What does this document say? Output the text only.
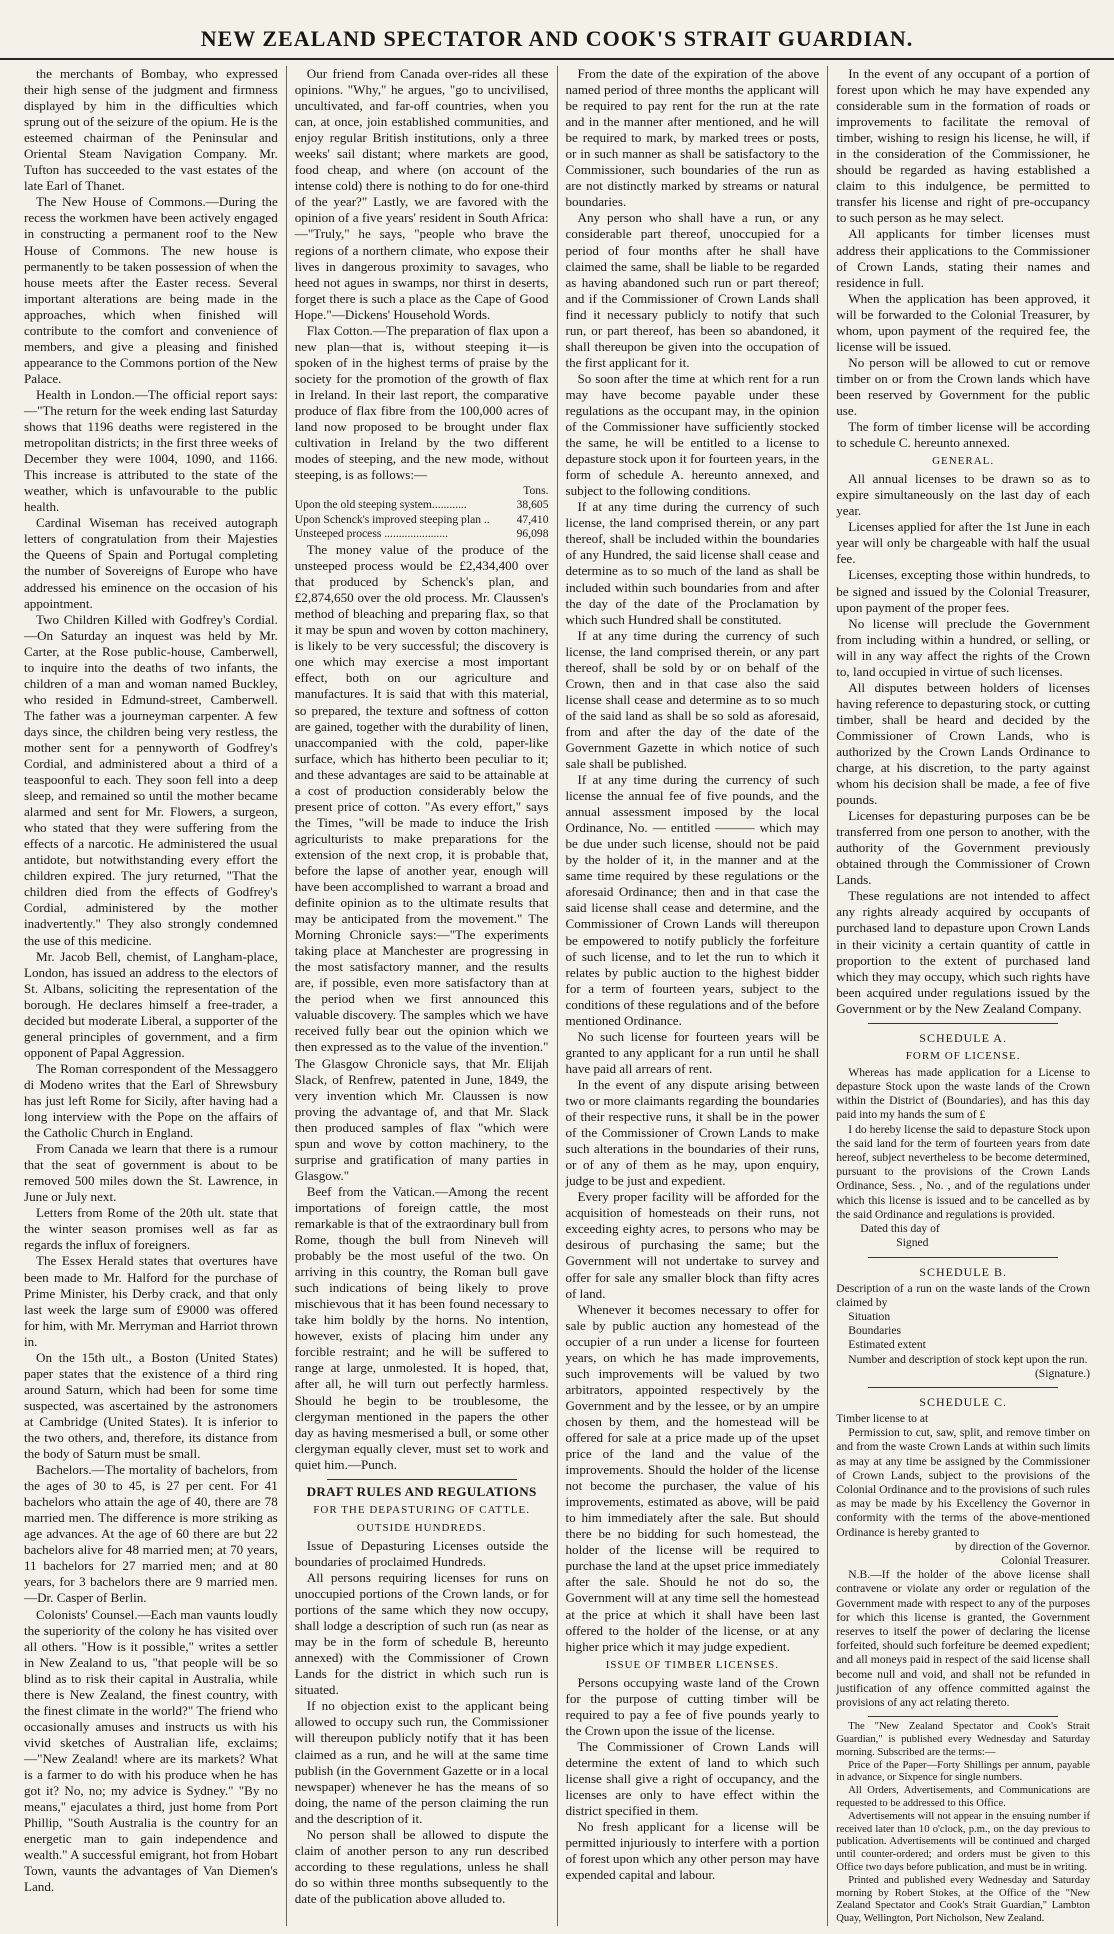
NEW ZEALAND SPECTATOR AND COOK'S STRAIT GUARDIAN.

the merchants of Bombay, who expressed their high sense of the judgment and firmness displayed by him in the difficulties which sprung out of the seizure of the opium. He is the esteemed chairman of the Peninsular and Oriental Steam Navigation Company. Mr. Tufton has succeeded to the vast estates of the late Earl of Thanet.

The New House of Commons.—During the recess the workmen have been actively engaged in constructing a permanent roof to the New House of Commons. The new house is permanently to be taken possession of when the house meets after the Easter recess. Several important alterations are being made in the approaches, which when finished will contribute to the comfort and convenience of members, and give a pleasing and finished appearance to the Commons portion of the New Palace.

Health in London.—The official report says:—"The return for the week ending last Saturday shows that 1196 deaths were registered in the metropolitan districts; in the first three weeks of December they were 1004, 1090, and 1166. This increase is attributed to the state of the weather, which is unfavourable to the public health.

Cardinal Wiseman has received autograph letters of congratulation from their Majesties the Queens of Spain and Portugal completing the number of Sovereigns of Europe who have addressed his eminence on the occasion of his appointment.

Two Children Killed with Godfrey's Cordial.—On Saturday an inquest was held by Mr. Carter, at the Rose public-house, Camberwell, to inquire into the deaths of two infants, the children of a man and woman named Buckley, who resided in Edmund-street, Camberwell. The father was a journeyman carpenter. A few days since, the children being very restless, the mother sent for a pennyworth of Godfrey's Cordial, and administered about a third of a teaspoonful to each. They soon fell into a deep sleep, and remained so until the mother became alarmed and sent for Mr. Flowers, a surgeon, who stated that they were suffering from the effects of a narcotic. He administered the usual antidote, but notwithstanding every effort the children expired. The jury returned, "That the children died from the effects of Godfrey's Cordial, administered by the mother inadvertently." They also strongly condemned the use of this medicine.

Mr. Jacob Bell, chemist, of Langham-place, London, has issued an address to the electors of St. Albans, soliciting the representation of the borough. He declares himself a free-trader, a decided but moderate Liberal, a supporter of the general principles of government, and a firm opponent of Papal Aggression.

The Roman correspondent of the Messaggero di Modeno writes that the Earl of Shrewsbury has just left Rome for Sicily, after having had a long interview with the Pope on the affairs of the Catholic Church in England.

From Canada we learn that there is a rumour that the seat of government is about to be removed 500 miles down the St. Lawrence, in June or July next.

Letters from Rome of the 20th ult. state that the winter season promises well as far as regards the influx of foreigners.

The Essex Herald states that overtures have been made to Mr. Halford for the purchase of Prime Minister, his Derby crack, and that only last week the large sum of £9000 was offered for him, with Mr. Merryman and Harriot thrown in.

On the 15th ult., a Boston (United States) paper states that the existence of a third ring around Saturn, which had been for some time suspected, was ascertained by the astronomers at Cambridge (United States). It is inferior to the two others, and, therefore, its distance from the body of Saturn must be small.

Bachelors.—The mortality of bachelors, from the ages of 30 to 45, is 27 per cent. For 41 bachelors who attain the age of 40, there are 78 married men. The difference is more striking as age advances. At the age of 60 there are but 22 bachelors alive for 48 married men; at 70 years, 11 bachelors for 27 married men; and at 80 years, for 3 bachelors there are 9 married men.—Dr. Casper of Berlin.

Colonists' Counsel.—Each man vaunts loudly the superiority of the colony he has visited over all others. "How is it possible," writes a settler in New Zealand to us, "that people will be so blind as to risk their capital in Australia, while there is New Zealand, the finest country, with the finest climate in the world?" The friend who occasionally amuses and instructs us with his vivid sketches of Australian life, exclaims;—"New Zealand! where are its markets? What is a farmer to do with his produce when he has got it? No, no; my advice is Sydney." "By no means," ejaculates a third, just home from Port Phillip, "South Australia is the country for an energetic man to gain independence and wealth." A successful emigrant, hot from Hobart Town, vaunts the advantages of Van Diemen's Land.

Our friend from Canada over-rides all these opinions. "Why," he argues, "go to uncivilised, uncultivated, and far-off countries, when you can, at once, join established communities, and enjoy regular British institutions, only a three weeks' sail distant; where markets are good, food cheap, and where (on account of the intense cold) there is nothing to do for one-third of the year?" Lastly, we are favored with the opinion of a five years' resident in South Africa:—"Truly," he says, "people who brave the regions of a northern climate, who expose their lives in dangerous proximity to savages, who heed not agues in swamps, nor thirst in deserts, forget there is such a place as the Cape of Good Hope."—Dickens' Household Words.

Flax Cotton.—The preparation of flax upon a new plan—that is, without steeping it—is spoken of in the highest terms of praise by the society for the promotion of the growth of flax in Ireland. In their last report, the comparative produce of flax fibre from the 100,000 acres of land now proposed to be brought under flax cultivation in Ireland by the two different modes of steeping, and the new mode, without steeping, is as follows:—

Tons.
Upon the old steeping system............	38,605
Upon Schenck's improved steeping plan .. 47,410
Unsteeped process ......................	96,098

The money value of the produce of the unsteeped process would be £2,434,400 over that produced by Schenck's plan, and £2,874,650 over the old process. Mr. Claussen's method of bleaching and preparing flax, so that it may be spun and woven by cotton machinery, is likely to be very successful; the discovery is one which may exercise a most important effect, both on our agriculture and manufactures. It is said that with this material, so prepared, the texture and softness of cotton are gained, together with the durability of linen, unaccompanied with the cold, paper-like surface, which has hitherto been peculiar to it; and these advantages are said to be attainable at a cost of production considerably below the present price of cotton. "As every effort," says the Times, "will be made to induce the Irish agriculturists to make preparations for the extension of the next crop, it is probable that, before the lapse of another year, enough will have been accomplished to warrant a broad and definite opinion as to the ultimate results that may be anticipated from the movement." The Morning Chronicle says:—"The experiments taking place at Manchester are progressing in the most satisfactory manner, and the results are, if possible, even more satisfactory than at the period when we first announced this valuable discovery. The samples which we have received fully bear out the opinion which we then expressed as to the value of the invention." The Glasgow Chronicle says, that Mr. Elijah Slack, of Renfrew, patented in June, 1849, the very invention which Mr. Claussen is now proving the advantage of, and that Mr. Slack then produced samples of flax "which were spun and wove by cotton machinery, to the surprise and gratification of many parties in Glasgow."

Beef from the Vatican.—Among the recent importations of foreign cattle, the most remarkable is that of the extraordinary bull from Rome, though the bull from Nineveh will probably be the most useful of the two. On arriving in this country, the Roman bull gave such indications of being likely to prove mischievous that it has been found necessary to take him boldly by the horns. No intention, however, exists of placing him under any forcible restraint; and he will be suffered to range at large, unmolested. It is hoped, that, after all, he will turn out perfectly harmless. Should he begin to be troublesome, the clergyman mentioned in the papers the other day as having mesmerised a bull, or some other clergyman equally clever, must set to work and quiet him.—Punch.

DRAFT RULES AND REGULATIONS

FOR THE DEPASTURING OF CATTLE.

OUTSIDE HUNDREDS.

Issue of Depasturing Licenses outside the boundaries of proclaimed Hundreds.

All persons requiring licenses for runs on unoccupied portions of the Crown lands, or for portions of the same which they now occupy, shall lodge a description of such run (as near as may be in the form of schedule B, hereunto annexed) with the Commissioner of Crown Lands for the district in which such run is situated.

If no objection exist to the applicant being allowed to occupy such run, the Commissioner will thereupon publicly notify that it has been claimed as a run, and he will at the same time publish (in the Government Gazette or in a local newspaper) whenever he has the means of so doing, the name of the person claiming the run and the description of it.

No person shall be allowed to dispute the claim of another person to any run described according to these regulations, unless he shall do so within three months subsequently to the date of the publication above alluded to.

From the date of the expiration of the above named period of three months the applicant will be required to pay rent for the run at the rate and in the manner after mentioned, and he will be required to mark, by marked trees or posts, or in such manner as shall be satisfactory to the Commissioner, such boundaries of the run as are not distinctly marked by streams or natural boundaries.

Any person who shall have a run, or any considerable part thereof, unoccupied for a period of four months after he shall have claimed the same, shall be liable to be regarded as having abandoned such run or part thereof; and if the Commissioner of Crown Lands shall find it necessary publicly to notify that such run, or part thereof, has been so abandoned, it shall thereupon be given into the occupation of the first applicant for it.

So soon after the time at which rent for a run may have become payable under these regulations as the occupant may, in the opinion of the Commissioner have sufficiently stocked the same, he will be entitled to a license to depasture stock upon it for fourteen years, in the form of schedule A. hereunto annexed, and subject to the following conditions.

If at any time during the currency of such license, the land comprised therein, or any part thereof, shall be included within the boundaries of any Hundred, the said license shall cease and determine as to so much of the land as shall be included within such boundaries from and after the day of the date of the Proclamation by which such Hundred shall be constituted.

If at any time during the currency of such license, the land comprised therein, or any part thereof, shall be sold by or on behalf of the Crown, then and in that case also the said license shall cease and determine as to so much of the said land as shall be so sold as aforesaid, from and after the day of the date of the Government Gazette in which notice of such sale shall be published.

If at any time during the currency of such license the annual fee of five pounds, and the annual assessment imposed by the local Ordinance, No. — entitled ——— which may be due under such license, should not be paid by the holder of it, in the manner and at the same time required by these regulations or the aforesaid Ordinance; then and in that case the said license shall cease and determine, and the Commissioner of Crown Lands will thereupon be empowered to notify publicly the forfeiture of such license, and to let the run to which it relates by public auction to the highest bidder for a term of fourteen years, subject to the conditions of these regulations and of the before mentioned Ordinance.

No such license for fourteen years will be granted to any applicant for a run until he shall have paid all arrears of rent.

In the event of any dispute arising between two or more claimants regarding the boundaries of their respective runs, it shall be in the power of the Commissioner of Crown Lands to make such alterations in the boundaries of their runs, or of any of them as he may, upon enquiry, judge to be just and expedient.

Every proper facility will be afforded for the acquisition of homesteads on their runs, not exceeding eighty acres, to persons who may be desirous of purchasing the same; but the Government will not undertake to survey and offer for sale any smaller block than fifty acres of land.

Whenever it becomes necessary to offer for sale by public auction any homestead of the occupier of a run under a license for fourteen years, on which he has made improvements, such improvements will be valued by two arbitrators, appointed respectively by the Government and by the lessee, or by an umpire chosen by them, and the homestead will be offered for sale at a price made up of the upset price of the land and the value of the improvements. Should the holder of the license not become the purchaser, the value of his improvements, estimated as above, will be paid to him immediately after the sale. But should there be no bidding for such homestead, the holder of the license will be required to purchase the land at the upset price immediately after the sale. Should he not do so, the Government will at any time sell the homestead at the price at which it shall have been last offered to the holder of the license, or at any higher price which it may judge expedient.

ISSUE OF TIMBER LICENSES.

Persons occupying waste land of the Crown for the purpose of cutting timber will be required to pay a fee of five pounds yearly to the Crown upon the issue of the license.

The Commissioner of Crown Lands will determine the extent of land to which such license shall give a right of occupancy, and the licenses are only to have effect within the district specified in them.

No fresh applicant for a license will be permitted injuriously to interfere with a portion of forest upon which any other person may have expended capital and labour.

In the event of any occupant of a portion of forest upon which he may have expended any considerable sum in the formation of roads or improvements to facilitate the removal of timber, wishing to resign his license, he will, if in the consideration of the Commissioner, he should be regarded as having established a claim to this indulgence, be permitted to transfer his license and right of pre-occupancy to such person as he may select.

All applicants for timber licenses must address their applications to the Commissioner of Crown Lands, stating their names and residence in full.

When the application has been approved, it will be forwarded to the Colonial Treasurer, by whom, upon payment of the required fee, the license will be issued.

No person will be allowed to cut or remove timber on or from the Crown lands which have been reserved by Government for the public use.

The form of timber license will be according to schedule C. hereunto annexed.

GENERAL.

All annual licenses to be drawn so as to expire simultaneously on the last day of each year.

Licenses applied for after the 1st June in each year will only be chargeable with half the usual fee.

Licenses, excepting those within hundreds, to be signed and issued by the Colonial Treasurer, upon payment of the proper fees.

No license will preclude the Government from including within a hundred, or selling, or will in any way affect the rights of the Crown to, land occupied in virtue of such licenses.

All disputes between holders of licenses having reference to depasturing stock, or cutting timber, shall be heard and decided by the Commissioner of Crown Lands, who is authorized by the Crown Lands Ordinance to charge, at his discretion, to the party against whom his decision shall be made, a fee of five pounds.

Licenses for depasturing purposes can be be transferred from one person to another, with the authority of the Government previously obtained through the Commissioner of Crown Lands.

These regulations are not intended to affect any rights already acquired by occupants of purchased land to depasture upon Crown Lands in their vicinity a certain quantity of cattle in proportion to the extent of purchased land which they may occupy, which such rights have been acquired under regulations issued by the Government or by the New Zealand Company.

SCHEDULE A.

FORM OF LICENSE.

Whereas has made application for a License to depasture Stock upon the waste lands of the Crown within the District of (Boundaries), and has this day paid into my hands the sum of £

I do hereby license the said to depasture Stock upon the said land for the term of fourteen years from date hereof, subject nevertheless to be become determined, pursuant to the provisions of the Crown Lands Ordinance, Sess. , No. , and of the regulations under which this license is issued and to be cancelled as by the said Ordinance and regulations is provided.

Dated this day of

Signed

SCHEDULE B.

Description of a run on the waste lands of the Crown claimed by

Situation

Boundaries

Estimated extent

Number and description of stock kept upon the run.

(Signature.)

SCHEDULE C.

Timber license to at

Permission to cut, saw, split, and remove timber on and from the waste Crown Lands at within such limits as may at any time be assigned by the Commissioner of Crown Lands, subject to the provisions of the Colonial Ordinance and to the provisions of such rules as may be made by his Excellency the Governor in conformity with the terms of the above-mentioned Ordinance is hereby granted to

by direction of the Governor.

Colonial Treasurer.

N.B.—If the holder of the above license shall contravene or violate any order or regulation of the Government made with respect to any of the purposes for which this license is granted, the Government reserves to itself the power of declaring the license forfeited, should such forfeiture be deemed expedient; and all moneys paid in respect of the said license shall become null and void, and shall not be refunded in justification of any offence committed against the provisions of any act relating thereto.

The "New Zealand Spectator and Cook's Strait Guardian," is published every Wednesday and Saturday morning. Subscribed are the terms:—

Price of the Paper—Forty Shillings per annum, payable in advance, or Sixpence for single numbers.

All Orders, Advertisements, and Communications are requested to be addressed to this Office.

Advertisements will not appear in the ensuing number if received later than 10 o'clock, p.m., on the day previous to publication. Advertisements will be continued and charged until counter-ordered; and orders must be given to this Office two days before publication, and must be in writing.

Printed and published every Wednesday and Saturday morning by Robert Stokes, at the Office of the "New Zealand Spectator and Cook's Strait Guardian," Lambton Quay, Wellington, Port Nicholson, New Zealand.
